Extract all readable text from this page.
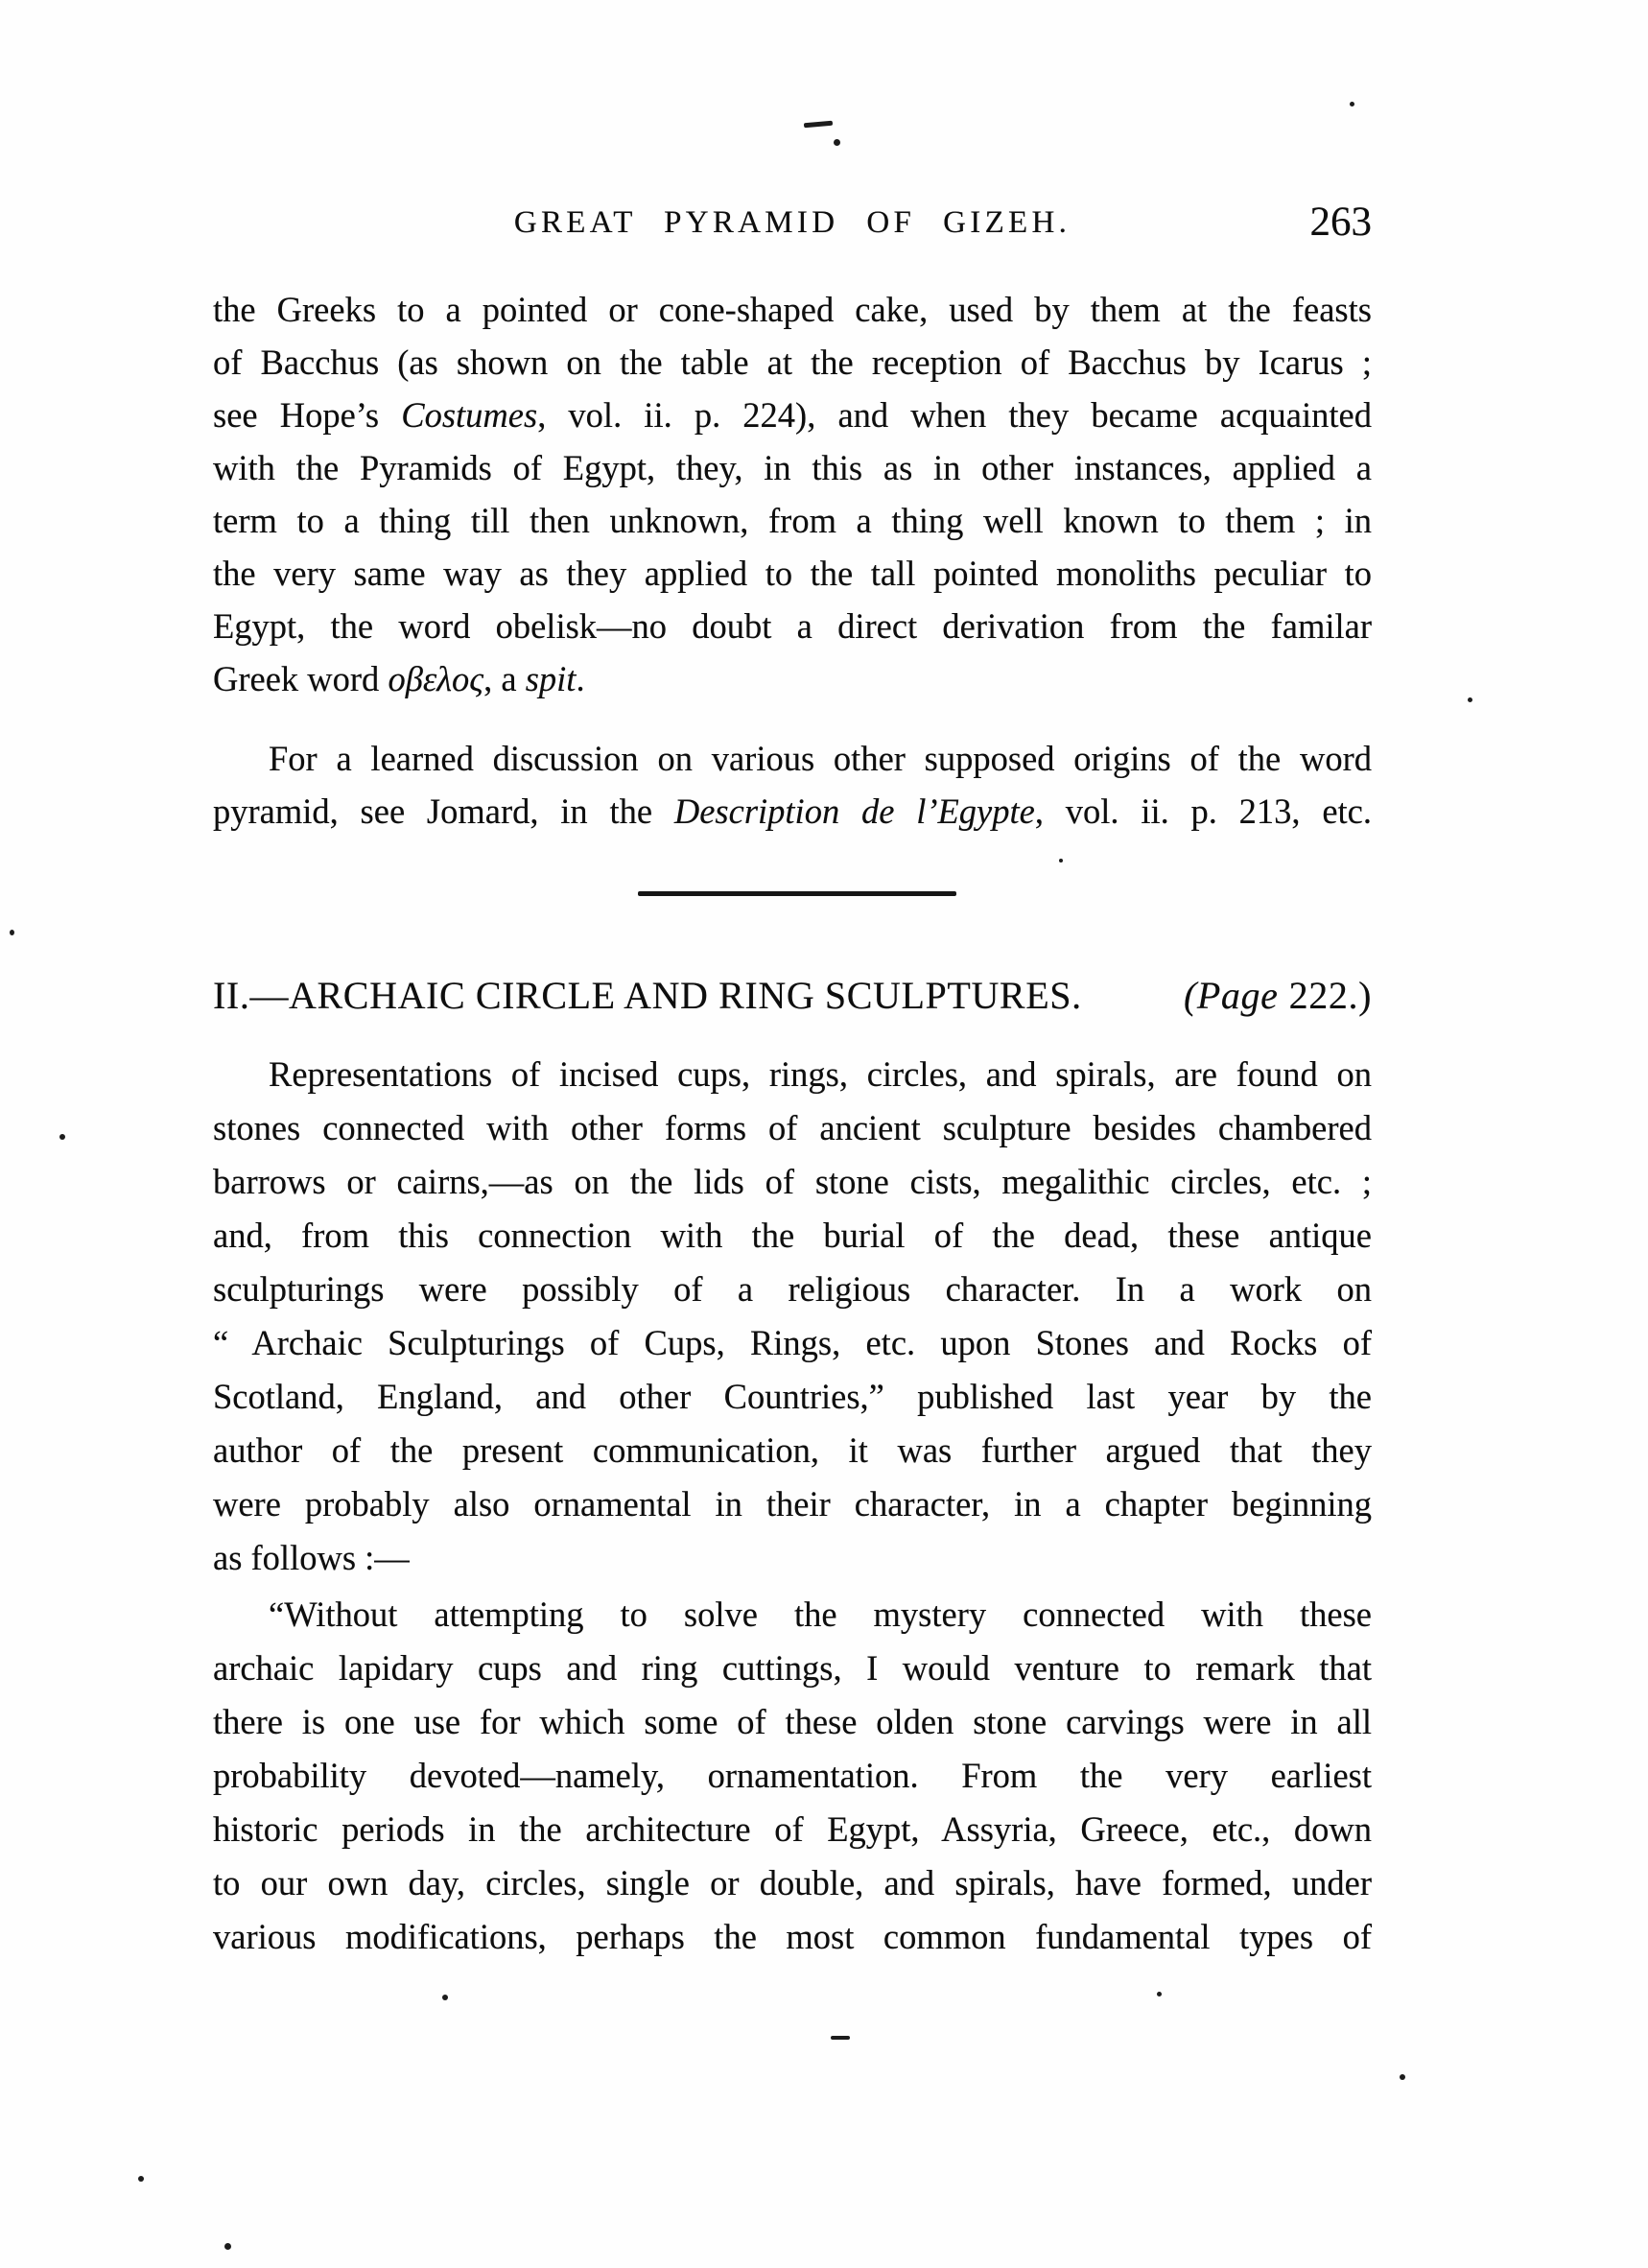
GREAT PYRAMID OF GIZEH.	263
the Greeks to a pointed or cone-shaped cake, used by them at the feasts
of Bacchus (as shown on the table at the reception of Bacchus by Icarus ;
see Hope’s Costumes, vol. ii. p. 224), and when they became acquainted
with the Pyramids of Egypt, they, in this as in other instances, applied a
term to a thing till then unknown, from a thing well known to them ; in
the very same way as they applied to the tall pointed monoliths peculiar to
Egypt, the word obelisk—no doubt a direct derivation from the familar
Greek word οβελος, a spit.
For a learned discussion on various other supposed origins of the word
pyramid, see Jomard, in the Description de l’Egypte, vol. ii. p. 213, etc.
II.—ARCHAIC CIRCLE AND RING SCULPTURES.	(Page 222.)
Representations of incised cups, rings, circles, and spirals, are found on
stones connected with other forms of ancient sculpture besides chambered
barrows or cairns,—as on the lids of stone cists, megalithic circles, etc. ;
and, from this connection with the burial of the dead, these antique
sculpturings were possibly of a religious character. In a work on
“ Archaic Sculpturings of Cups, Rings, etc. upon Stones and Rocks of
Scotland, England, and other Countries,” published last year by the
author of the present communication, it was further argued that they
were probably also ornamental in their character, in a chapter beginning
as follows :—
“Without attempting to solve the mystery connected with these
archaic lapidary cups and ring cuttings, I would venture to remark that
there is one use for which some of these olden stone carvings were in all
probability devoted—namely, ornamentation. From the very earliest
historic periods in the architecture of Egypt, Assyria, Greece, etc., down
to our own day, circles, single or double, and spirals, have formed, under
various modifications, perhaps the most common fundamental types of
